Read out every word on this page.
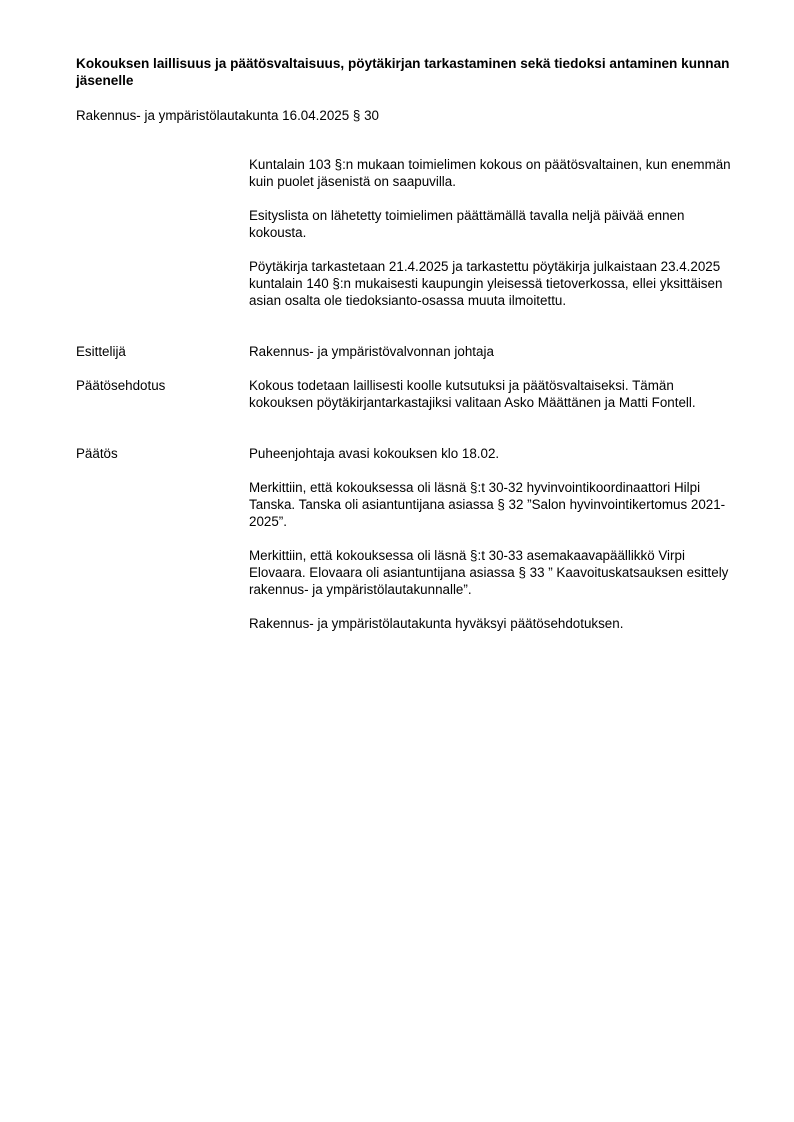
Kokouksen laillisuus ja päätösvaltaisuus, pöytäkirjan tarkastaminen sekä tiedoksi antaminen kunnan jäsenelle
Rakennus- ja ympäristölautakunta 16.04.2025 § 30

Kuntalain 103 §:n mukaan toimielimen kokous on päätösvaltainen, kun enemmän kuin puolet jäsenistä on saapuvilla.

Esityslista on lähetetty toimielimen päättämällä tavalla neljä päivää ennen kokousta.

Pöytäkirja tarkastetaan 21.4.2025 ja tarkastettu pöytäkirja julkaistaan 23.4.2025 kuntalain 140 §:n mukaisesti kaupungin yleisessä tietoverkossa, ellei yksittäisen asian osalta ole tiedoksianto-osassa muuta ilmoitettu.

Esittelijä	Rakennus- ja ympäristövalvonnan johtaja
Päätösehdotus	Kokous todetaan laillisesti koolle kutsutuksi ja päätösvaltaiseksi. Tämän kokouksen pöytäkirjantarkastajiksi valitaan Asko Määttänen ja Matti Fontell.
Päätös	Puheenjohtaja avasi kokouksen klo 18.02.

Merkittiin, että kokouksessa oli läsnä §:t 30-32 hyvinvointikoordinaattori Hilpi Tanska. Tanska oli asiantuntijana asiassa § 32 ”Salon hyvinvointikertomus 2021-2025”.

Merkittiin, että kokouksessa oli läsnä §:t 30-33 asemakaavapäällikkö Virpi Elovaara. Elovaara oli asiantuntijana asiassa § 33 ” Kaavoituskatsauksen esittely rakennus- ja ympäristölautakunnalle”.

Rakennus- ja ympäristölautakunta hyväksyi päätösehdotuksen.
